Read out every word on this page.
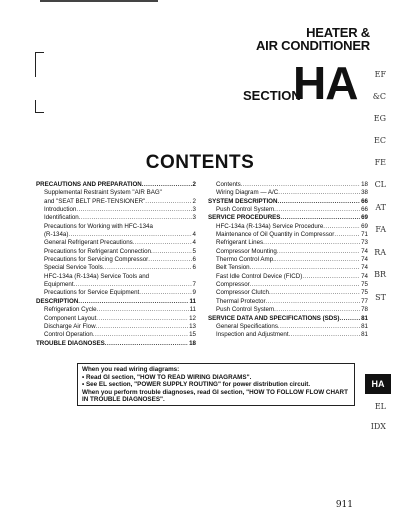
HEATER &
AIR CONDITIONER
SECTION
HA
CONTENTS
PRECAUTIONS AND PREPARATION .....	2
Supplemental Restraint System "AIR BAG"
and "SEAT BELT PRE-TENSIONER" .....	2
Introduction .....	3
Identification .....	3
Precautions for Working with HFC-134a
(R-134a) .....	4
General Refrigerant Precautions .....	4
Precautions for Refrigerant Connection .....	5
Precautions for Servicing Compressor .....	6
Special Service Tools .....	6
HFC-134a (R-134a) Service Tools and
Equipment .....	7
Precautions for Service Equipment .....	9
DESCRIPTION .....	11
Refrigeration Cycle .....	11
Component Layout .....	12
Discharge Air Flow .....	13
Control Operation .....	15
TROUBLE DIAGNOSES .....	18
Contents .....	18
Wiring Diagram — A/C .....	38
SYSTEM DESCRIPTION .....	66
Push Control System .....	66
SERVICE PROCEDURES .....	69
HFC-134a (R-134a) Service Procedure .....	69
Maintenance of Oil Quantity in Compressor .....	71
Refrigerant Lines .....	73
Compressor Mounting .....	74
Thermo Control Amp. .....	74
Belt Tension .....	74
Fast Idle Control Device (FICD) .....	74
Compressor .....	75
Compressor Clutch .....	75
Thermal Protector .....	77
Push Control System .....	78
SERVICE DATA AND SPECIFICATIONS (SDS) .....	81
General Specifications .....	81
Inspection and Adjustment .....	81
When you read wiring diagrams:
• Read GI section, "HOW TO READ WIRING DIAGRAMS".
• See EL section, "POWER SUPPLY ROUTING" for power distribution circuit.
When you perform trouble diagnoses, read GI section, "HOW TO FOLLOW FLOW CHART
IN TROUBLE DIAGNOSES".
EF
&C
EG
EC
FE
CL
AT
FA
RA
BR
ST
HA
EL
IDX
911
